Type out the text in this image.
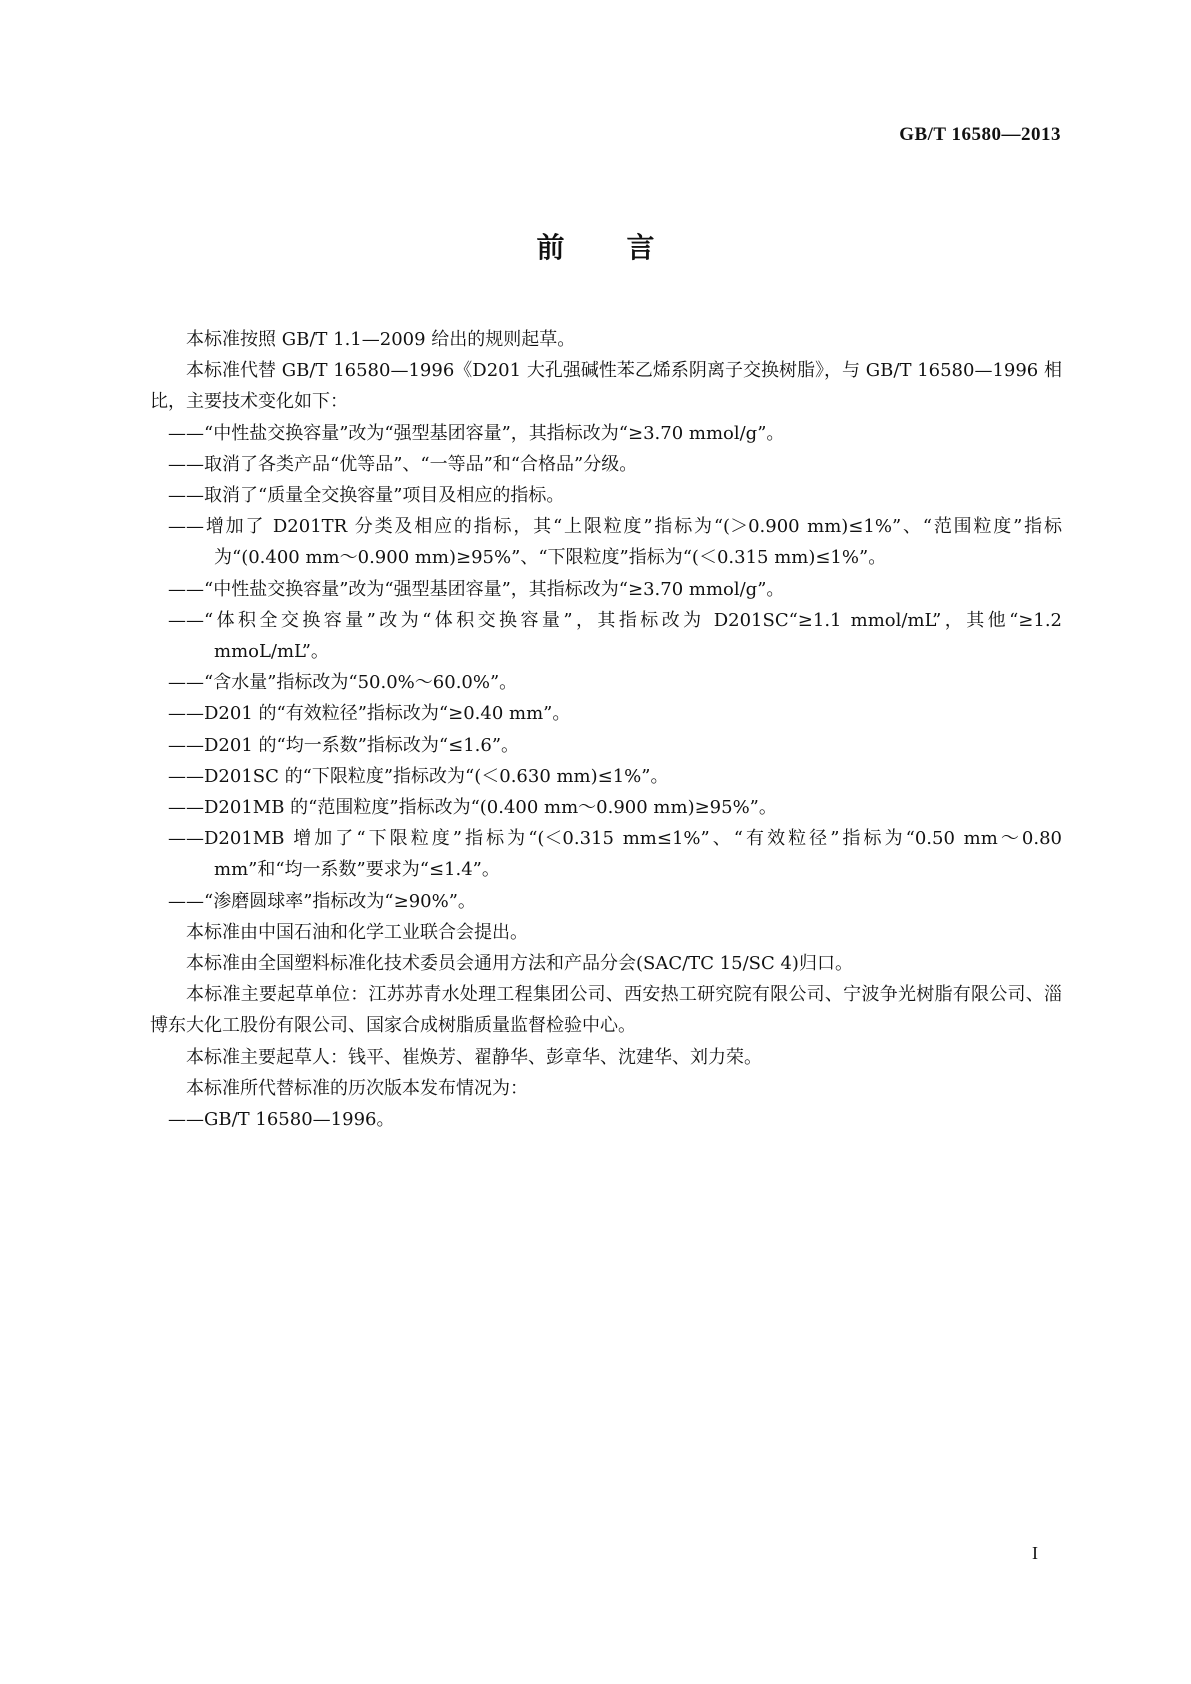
GB/T 16580—2013
前言

本标准按照 GB/T 1.1—2009 给出的规则起草。

本标准代替 GB/T 16580—1996《D201 大孔强碱性苯乙烯系阴离子交换树脂》，与 GB/T 16580—1996 相比，主要技术变化如下：

——“中性盐交换容量”改为“强型基团容量”，其指标改为“≥3.70 mmol/g”。

——取消了各类产品“优等品”、“一等品”和“合格品”分级。

——取消了“质量全交换容量”项目及相应的指标。

——增加了 D201TR 分类及相应的指标，其“上限粒度”指标为“(＞0.900 mm)≤1%”、“范围粒度”指标为“(0.400 mm～0.900 mm)≥95%”、“下限粒度”指标为“(＜0.315 mm)≤1%”。

——“中性盐交换容量”改为“强型基团容量”，其指标改为“≥3.70 mmol/g”。

——“体积全交换容量”改为“体积交换容量”，其指标改为 D201SC“≥1.1 mmol/mL”，其他“≥1.2 mmoL/mL”。

——“含水量”指标改为“50.0%～60.0%”。

——D201 的“有效粒径”指标改为“≥0.40 mm”。

——D201 的“均一系数”指标改为“≤1.6”。

——D201SC 的“下限粒度”指标改为“(＜0.630 mm)≤1%”。

——D201MB 的“范围粒度”指标改为“(0.400 mm～0.900 mm)≥95%”。

——D201MB 增加了“下限粒度”指标为“(＜0.315 mm≤1%”、“有效粒径”指标为“0.50 mm～0.80 mm”和“均一系数”要求为“≤1.4”。

——“渗磨圆球率”指标改为“≥90%”。

本标准由中国石油和化学工业联合会提出。

本标准由全国塑料标准化技术委员会通用方法和产品分会(SAC/TC 15/SC 4)归口。

本标准主要起草单位：江苏苏青水处理工程集团公司、西安热工研究院有限公司、宁波争光树脂有限公司、淄博东大化工股份有限公司、国家合成树脂质量监督检验中心。

本标准主要起草人：钱平、崔焕芳、翟静华、彭章华、沈建华、刘力荣。

本标准所代替标准的历次版本发布情况为：

——GB/T 16580—1996。

I
